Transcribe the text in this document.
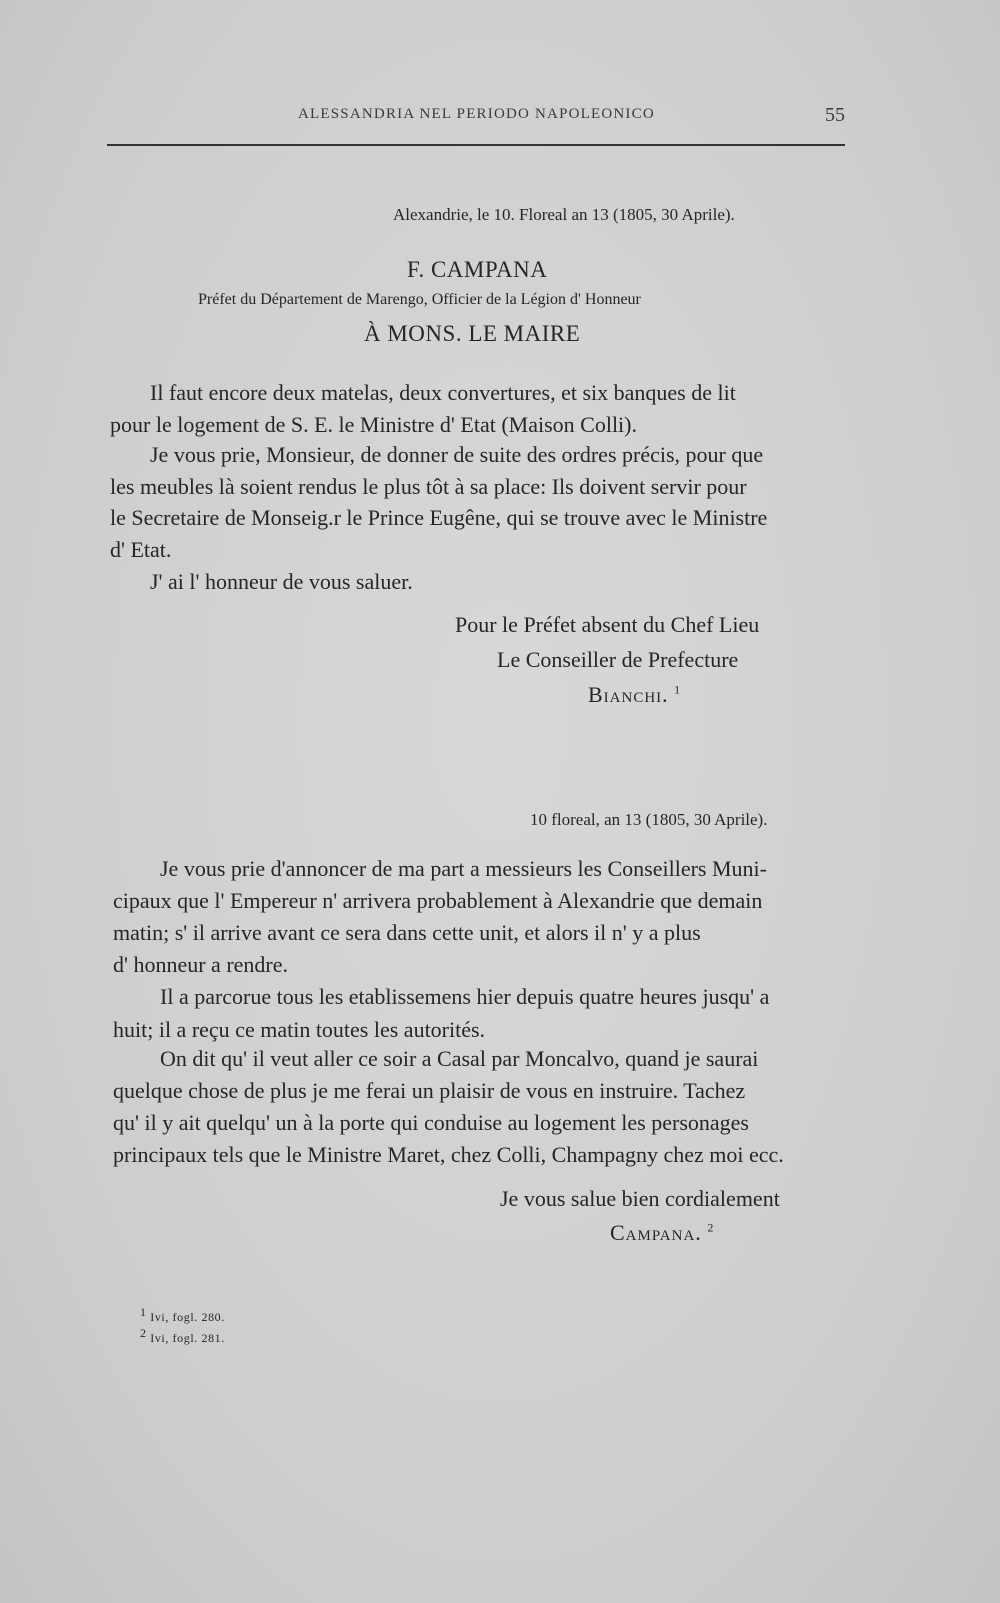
ALESSANDRIA NEL PERIODO NAPOLEONICO	55
Alexandrie, le 10. Floreal an 13 (1805, 30 Aprile).
F. CAMPANA
Préfet du Département de Marengo, Officier de la Légion d' Honneur
À MONS. LE MAIRE
Il faut encore deux matelas, deux convertures, et six banques de lit
pour le logement de S. E. le Ministre d' Etat (Maison Colli).
Je vous prie, Monsieur, de donner de suite des ordres précis, pour que
les meubles là soient rendus le plus tôt à sa place: Ils doivent servir pour
le Secretaire de Monseig.r le Prince Eugêne, qui se trouve avec le Ministre
d' Etat.
J' ai l' honneur de vous saluer.
Pour le Préfet absent du Chef Lieu
Le Conseiller de Prefecture
Bianchi. $^1$
10 floreal, an 13 (1805, 30 Aprile).
Je vous prie d'annoncer de ma part a messieurs les Conseillers Muni-
cipaux que l' Empereur n' arrivera probablement à Alexandrie que demain
matin; s' il arrive avant ce sera dans cette unit, et alors il n' y a plus
d' honneur a rendre.
Il a parcorue tous les etablissemens hier depuis quatre heures jusqu' a
huit; il a reçu ce matin toutes les autorités.
On dit qu' il veut aller ce soir a Casal par Moncalvo, quand je saurai
quelque chose de plus je me ferai un plaisir de vous en instruire. Tachez
qu' il y ait quelqu' un à la porte qui conduise au logement les personages
principaux tels que le Ministre Maret, chez Colli, Champagny chez moi ecc.
Je vous salue bien cordialement
Campana. $^2$
1 Ivi, fogl. 280.
2 Ivi, fogl. 281.
